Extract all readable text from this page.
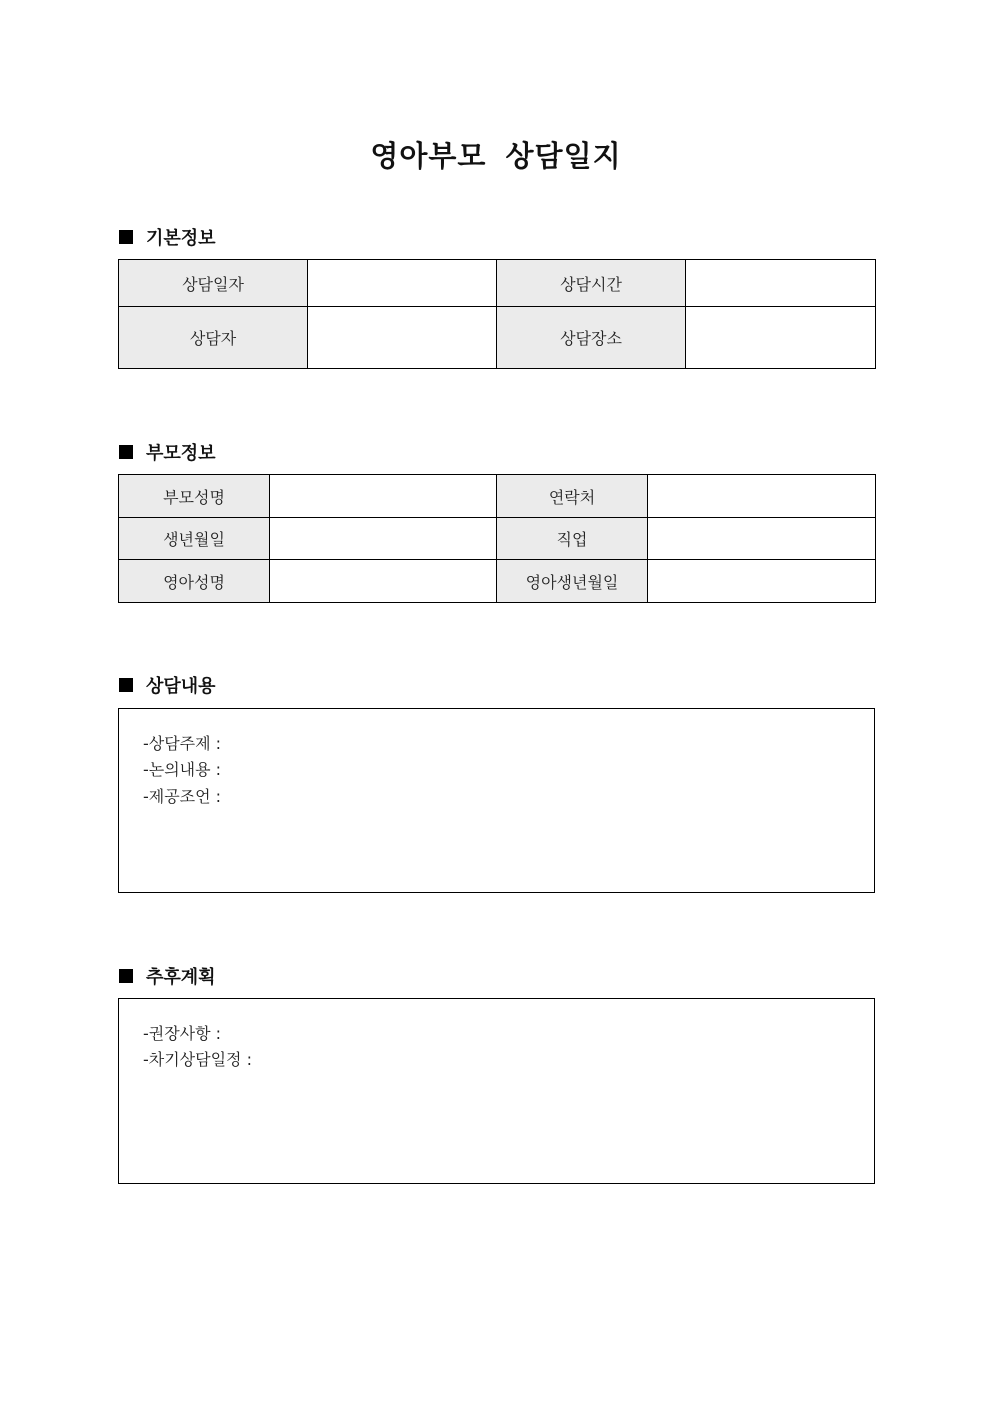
영아부모 상담일지
기본정보
상담일자		상담시간	
상담자		상담장소	
부모정보
부모성명		연락처	
생년월일		직업	
영아성명		영아생년월일	
상담내용
-상담주제 :
-논의내용 :
-제공조언 :
추후계획
-권장사항 :
-차기상담일정 :
